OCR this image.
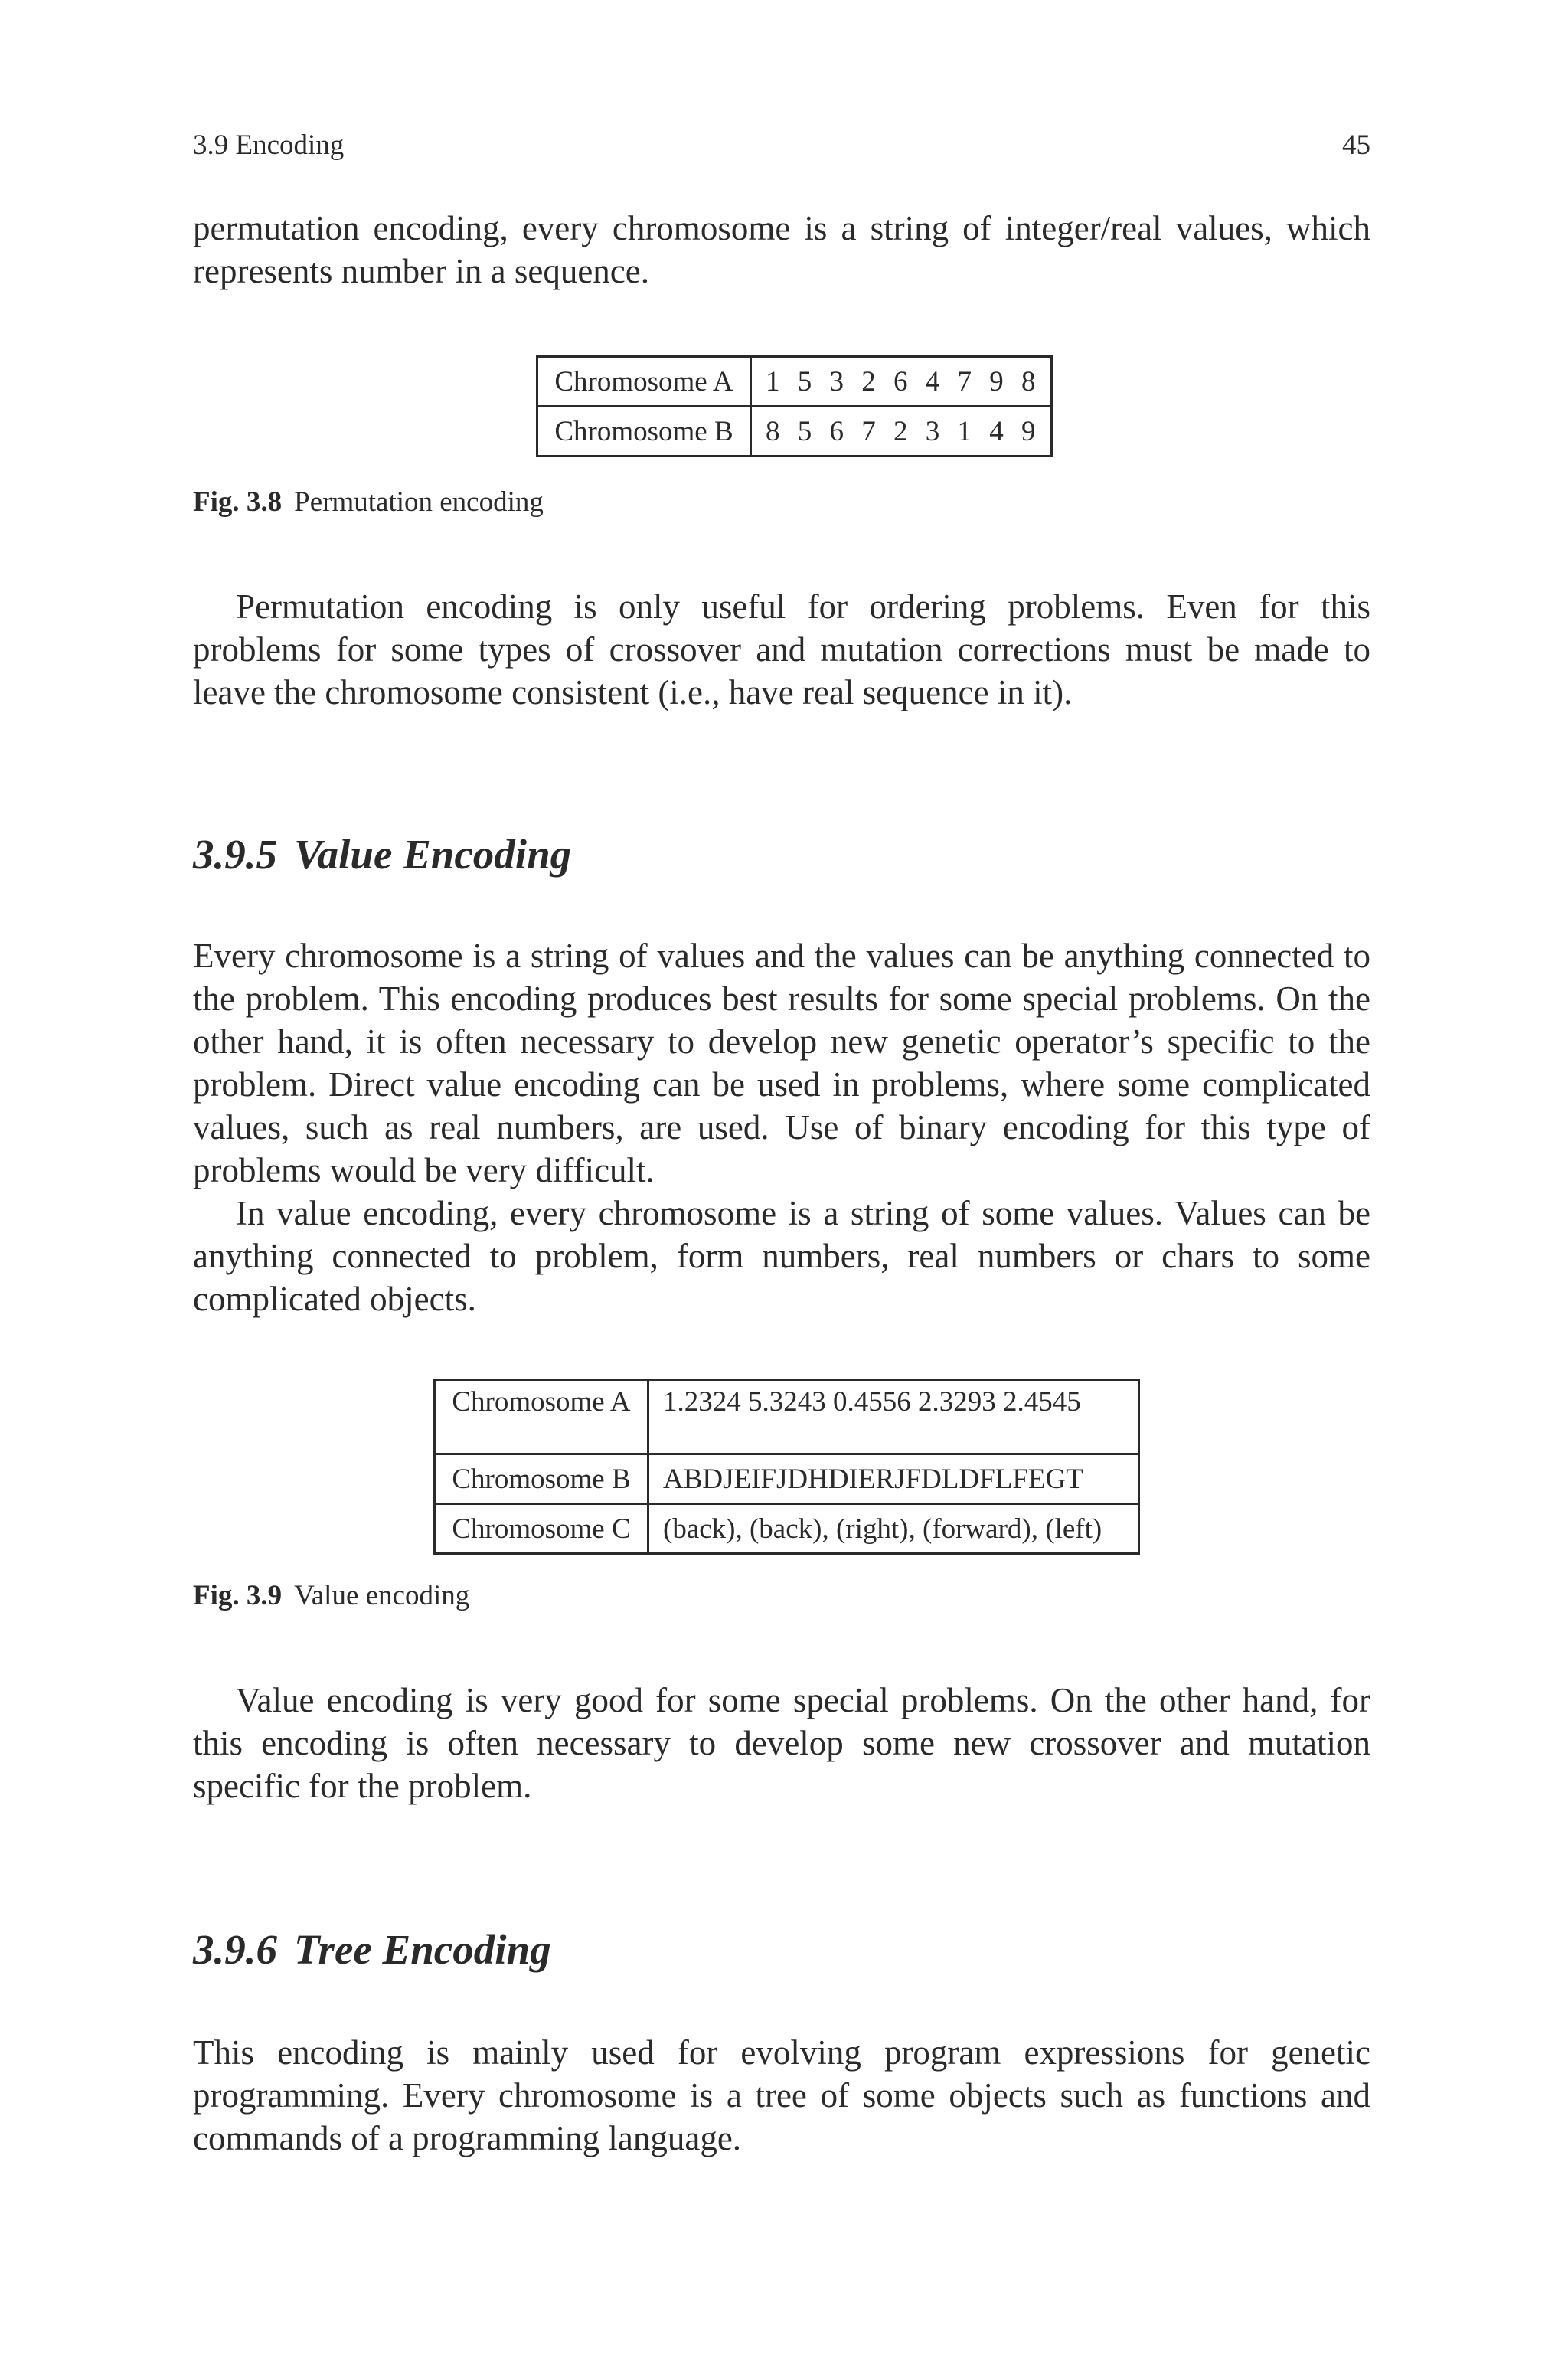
3.9 Encoding	45

permutation encoding, every chromosome is a string of integer/real values, which represents number in a sequence.

Chromosome A	1 5 3 2 6 4 7 9 8
Chromosome B	8 5 6 7 2 3 1 4 9
Fig. 3.8 Permutation encoding

Permutation encoding is only useful for ordering problems. Even for this problems for some types of crossover and mutation corrections must be made to leave the chromosome consistent (i.e., have real sequence in it).

3.9.5 Value Encoding

Every chromosome is a string of values and the values can be anything connected to the problem. This encoding produces best results for some special problems. On the other hand, it is often necessary to develop new genetic operator’s specific to the problem. Direct value encoding can be used in problems, where some complicated values, such as real numbers, are used. Use of binary encoding for this type of problems would be very difficult.

In value encoding, every chromosome is a string of some values. Values can be anything connected to problem, form numbers, real numbers or chars to some complicated objects.

Chromosome A	1.2324 5.3243 0.4556 2.3293 2.4545
Chromosome B	ABDJEIFJDHDIERJFDLDFLFEGT
Chromosome C	(back), (back), (right), (forward), (left)
Fig. 3.9 Value encoding

Value encoding is very good for some special problems. On the other hand, for this encoding is often necessary to develop some new crossover and mutation specific for the problem.

3.9.6 Tree Encoding

This encoding is mainly used for evolving program expressions for genetic programming. Every chromosome is a tree of some objects such as functions and commands of a programming language.
